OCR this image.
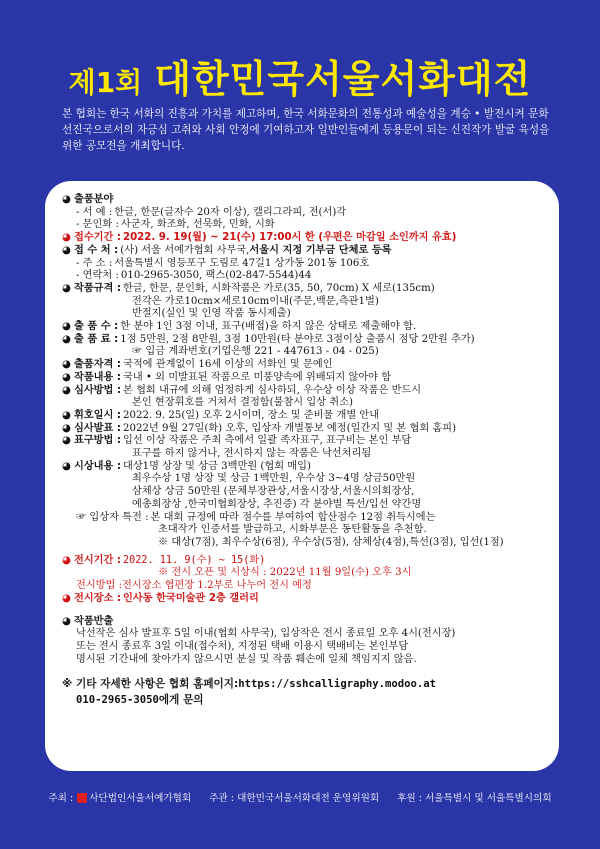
제1회 대한민국서울서화대전
본 협회는 한국 서화의 진흥과 가치를 제고하며, 한국 서화문화의 전통성과 예술성을 계승 • 발전시켜 문화선진국으로서의 자긍심 고취와 사회 안정에 기여하고자 일반인들에게 등용문이 되는 신진작가 발굴 육성을 위한 공모전을 개최합니다.
◕ 출품분야
- 서 예 : 한글, 한문(글자수 20자 이상), 캘리그라피, 전(서)각
- 문인화 : 사군자, 화조화, 선묵화, 민화, 시화
◕ 접수기간 : 2022. 9. 19(월) ~ 21(수) 17:00시 한 (우편은 마감일 소인까지 유효)
◕ 접 수 처 : (사) 서울 서예가협회 사무국, 서울시 지정 기부금 단체로 등록
- 주 소 : 서울특별시 영등포구 도림로 47길1 상가동 201동 106호
- 연락처 : 010-2965-3050, 팩스(02-847-5544)44
◕ 작품규격 : 한글, 한문, 문인화, 시화작품은 가로(35, 50, 70cm) X 세로(135cm)
전각은 가로10cm×세로10cm이내(주문,백문,측관1벌)
반절지(실인 및 인영 작품 동시제출)
◕ 출 품 수 : 한 분야 1인 3점 이내, 표구(배접)을 하지 않은 상태로 제출해야 함.
◕ 출 품 료 : 1점 5만원, 2점 8만원, 3점 10만원(타 분야로 3점이상 출품시 점당 2만원 추가)
☞ 입금 계좌번호(기업은행 221 - 447613 - 04 - 025)
◕ 출품자격 : 국적에 관계없이 16세 이상의 서화인 및 문예인
◕ 작품내용 : 국내 • 외 미발표된 작품으로 미풍양속에 위배되지 않아야 함
◕ 심사방법 : 본 협회 내규에 의해 엄정하게 심사하되, 우수상 이상 작품은 반드시
본인 현장휘호를 거쳐서 결정함(불참시 입상 취소)
◕ 휘호일시 : 2022. 9. 25(일) 오후 2시이며, 장소 및 준비물 개별 안내
◕ 심사발표 : 2022년 9월 27일(화) 오후, 입상자 개별통보 예정(일간지 및 본 협회 홈피)
◕ 표구방법 : 입선 이상 작품은 주최 측에서 일괄 족자표구, 표구비는 본인 부담
표구를 하지 않거나, 전시하지 않는 작품은 낙선처리됨
◕ 시상내용 : 대상1명 상장 및 상금 3백만원 (협회 매입)
최우수상 1명 상장 및 상금 1백만원, 우수상 3~4명 상금50만원
삼체상 상금 50만원 (문체부장관상,서울시장상,서울시의회장상,
예총회장상 ,한국미협회장상, 추진증) 각 분야별 특선/입선 약간명
☞ 입상자 특전 : 본 대회 규정에 따라 점수를 부여하여 합산점수 12점 취득시에는
초대작가 인증서를 발급하고, 시화부문은 동탄활동을 추천함.
※ 대상(7점), 최우수상(6점), 우수상(5점), 삼체상(4점),특선(3점), 입선(1점)
◕ 전시기간 : 2022. 11. 9(수) ~ 15(화)
※ 전시 오픈 및 시상식 : 2022년 11월 9일(수) 오후 3시
전시방법 :전시장소 협편장 1.2부로 나누어 전시 예정
◕ 전시장소 : 인사동 한국미술관 2층 갤러리
◕ 작품반출
낙선작은 심사 발표후 5일 이내(협회 사무국), 입상작은 전시 종료일 오후 4시(전시장)
또는 전시 종료후 3일 이내(접수처), 지정된 택배 이용시 택배비는 본인부담
명시된 기간내에 찾아가지 않으시면 분실 및 작품 훼손에 일체 책임지지 않음.
※ 기타 자세한 사항은 협회 홈페이지: https://sshcalligraphy.modoo.at
010-2965-3050 에게 문의
주최 : 사단법인서울서예가협회 주관 : 대한민국서울서화대전 운영위원회 후원 : 서울특별시 및 서울특별시의회
